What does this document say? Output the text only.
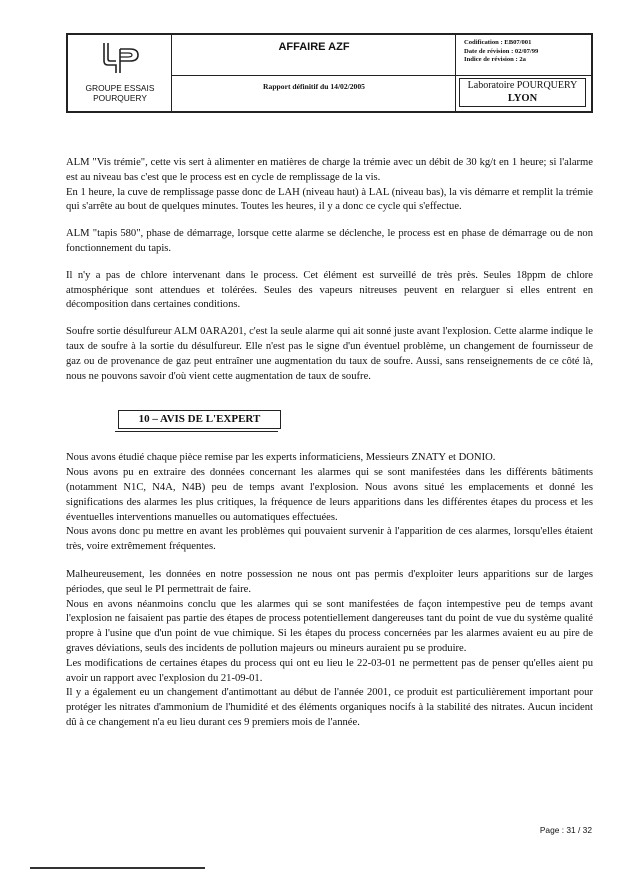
GROUPE ESSAIS
POURQUERY
AFFAIRE AZF
Rapport définitif du 14/02/2005
Codification : EB07/001
Date de révision : 02/07/99
Indice de révision : 2a
Laboratoire POURQUERY
LYON

ALM "Vis trémie", cette vis sert à alimenter en matières de charge la trémie avec un débit de 30 kg/t en 1 heure; si l'alarme est au niveau bas c'est que le process est en cycle de remplissage de la vis.

En 1 heure, la cuve de remplissage passe donc de LAH (niveau haut) à LAL (niveau bas), la vis démarre et remplit la trémie qui s'arrête au bout de quelques minutes. Toutes les heures, il y a donc ce cycle qui s'effectue.

ALM "tapis 580", phase de démarrage, lorsque cette alarme se déclenche, le process est en phase de démarrage ou de non fonctionnement du tapis.

Il n'y a pas de chlore intervenant dans le process. Cet élément est surveillé de très près. Seules 18ppm de chlore atmosphérique sont attendues et tolérées. Seules des vapeurs nitreuses peuvent en relarguer si elles entrent en décomposition dans certaines conditions.

Soufre sortie désulfureur ALM 0ARA201, c'est la seule alarme qui ait sonné juste avant l'explosion. Cette alarme indique le taux de soufre à la sortie du désulfureur. Elle n'est pas le signe d'un éventuel problème, un changement de fournisseur de gaz ou de provenance de gaz peut entraîner une augmentation du taux de soufre. Aussi, sans renseignements de ce côté là, nous ne pouvons savoir d'où vient cette augmentation de taux de soufre.

10 – AVIS DE L'EXPERT

Nous avons étudié chaque pièce remise par les experts informaticiens, Messieurs ZNATY et DONIO.

Nous avons pu en extraire des données concernant les alarmes qui se sont manifestées dans les différents bâtiments (notamment N1C, N4A, N4B) peu de temps avant l'explosion. Nous avons situé les emplacements et donné les significations des alarmes les plus critiques, la fréquence de leurs apparitions dans les différentes étapes du process et les éventuelles interventions manuelles ou automatiques effectuées.

Nous avons donc pu mettre en avant les problèmes qui pouvaient survenir à l'apparition de ces alarmes, lorsqu'elles étaient très, voire extrêmement fréquentes.

Malheureusement, les données en notre possession ne nous ont pas permis d'exploiter leurs apparitions sur de larges périodes, que seul le PI permettrait de faire.

Nous en avons néanmoins conclu que les alarmes qui se sont manifestées de façon intempestive peu de temps avant l'explosion ne faisaient pas partie des étapes de process potentiellement dangereuses tant du point de vue du système qualité propre à l'usine que d'un point de vue chimique. Si les étapes du process concernées par les alarmes avaient eu au pire de graves déviations, seuls des incidents de pollution majeurs ou mineurs auraient pu se produire.

Les modifications de certaines étapes du process qui ont eu lieu le 22-03-01 ne permettent pas de penser qu'elles aient pu avoir un rapport avec l'explosion du 21-09-01.

Il y a également eu un changement d'antimottant au début de l'année 2001, ce produit est particulièrement important pour protéger les nitrates d'ammonium de l'humidité et des éléments organiques nocifs à la stabilité des nitrates. Aucun incident dû à ce changement n'a eu lieu durant ces 9 premiers mois de l'année.

Page : 31 / 32
